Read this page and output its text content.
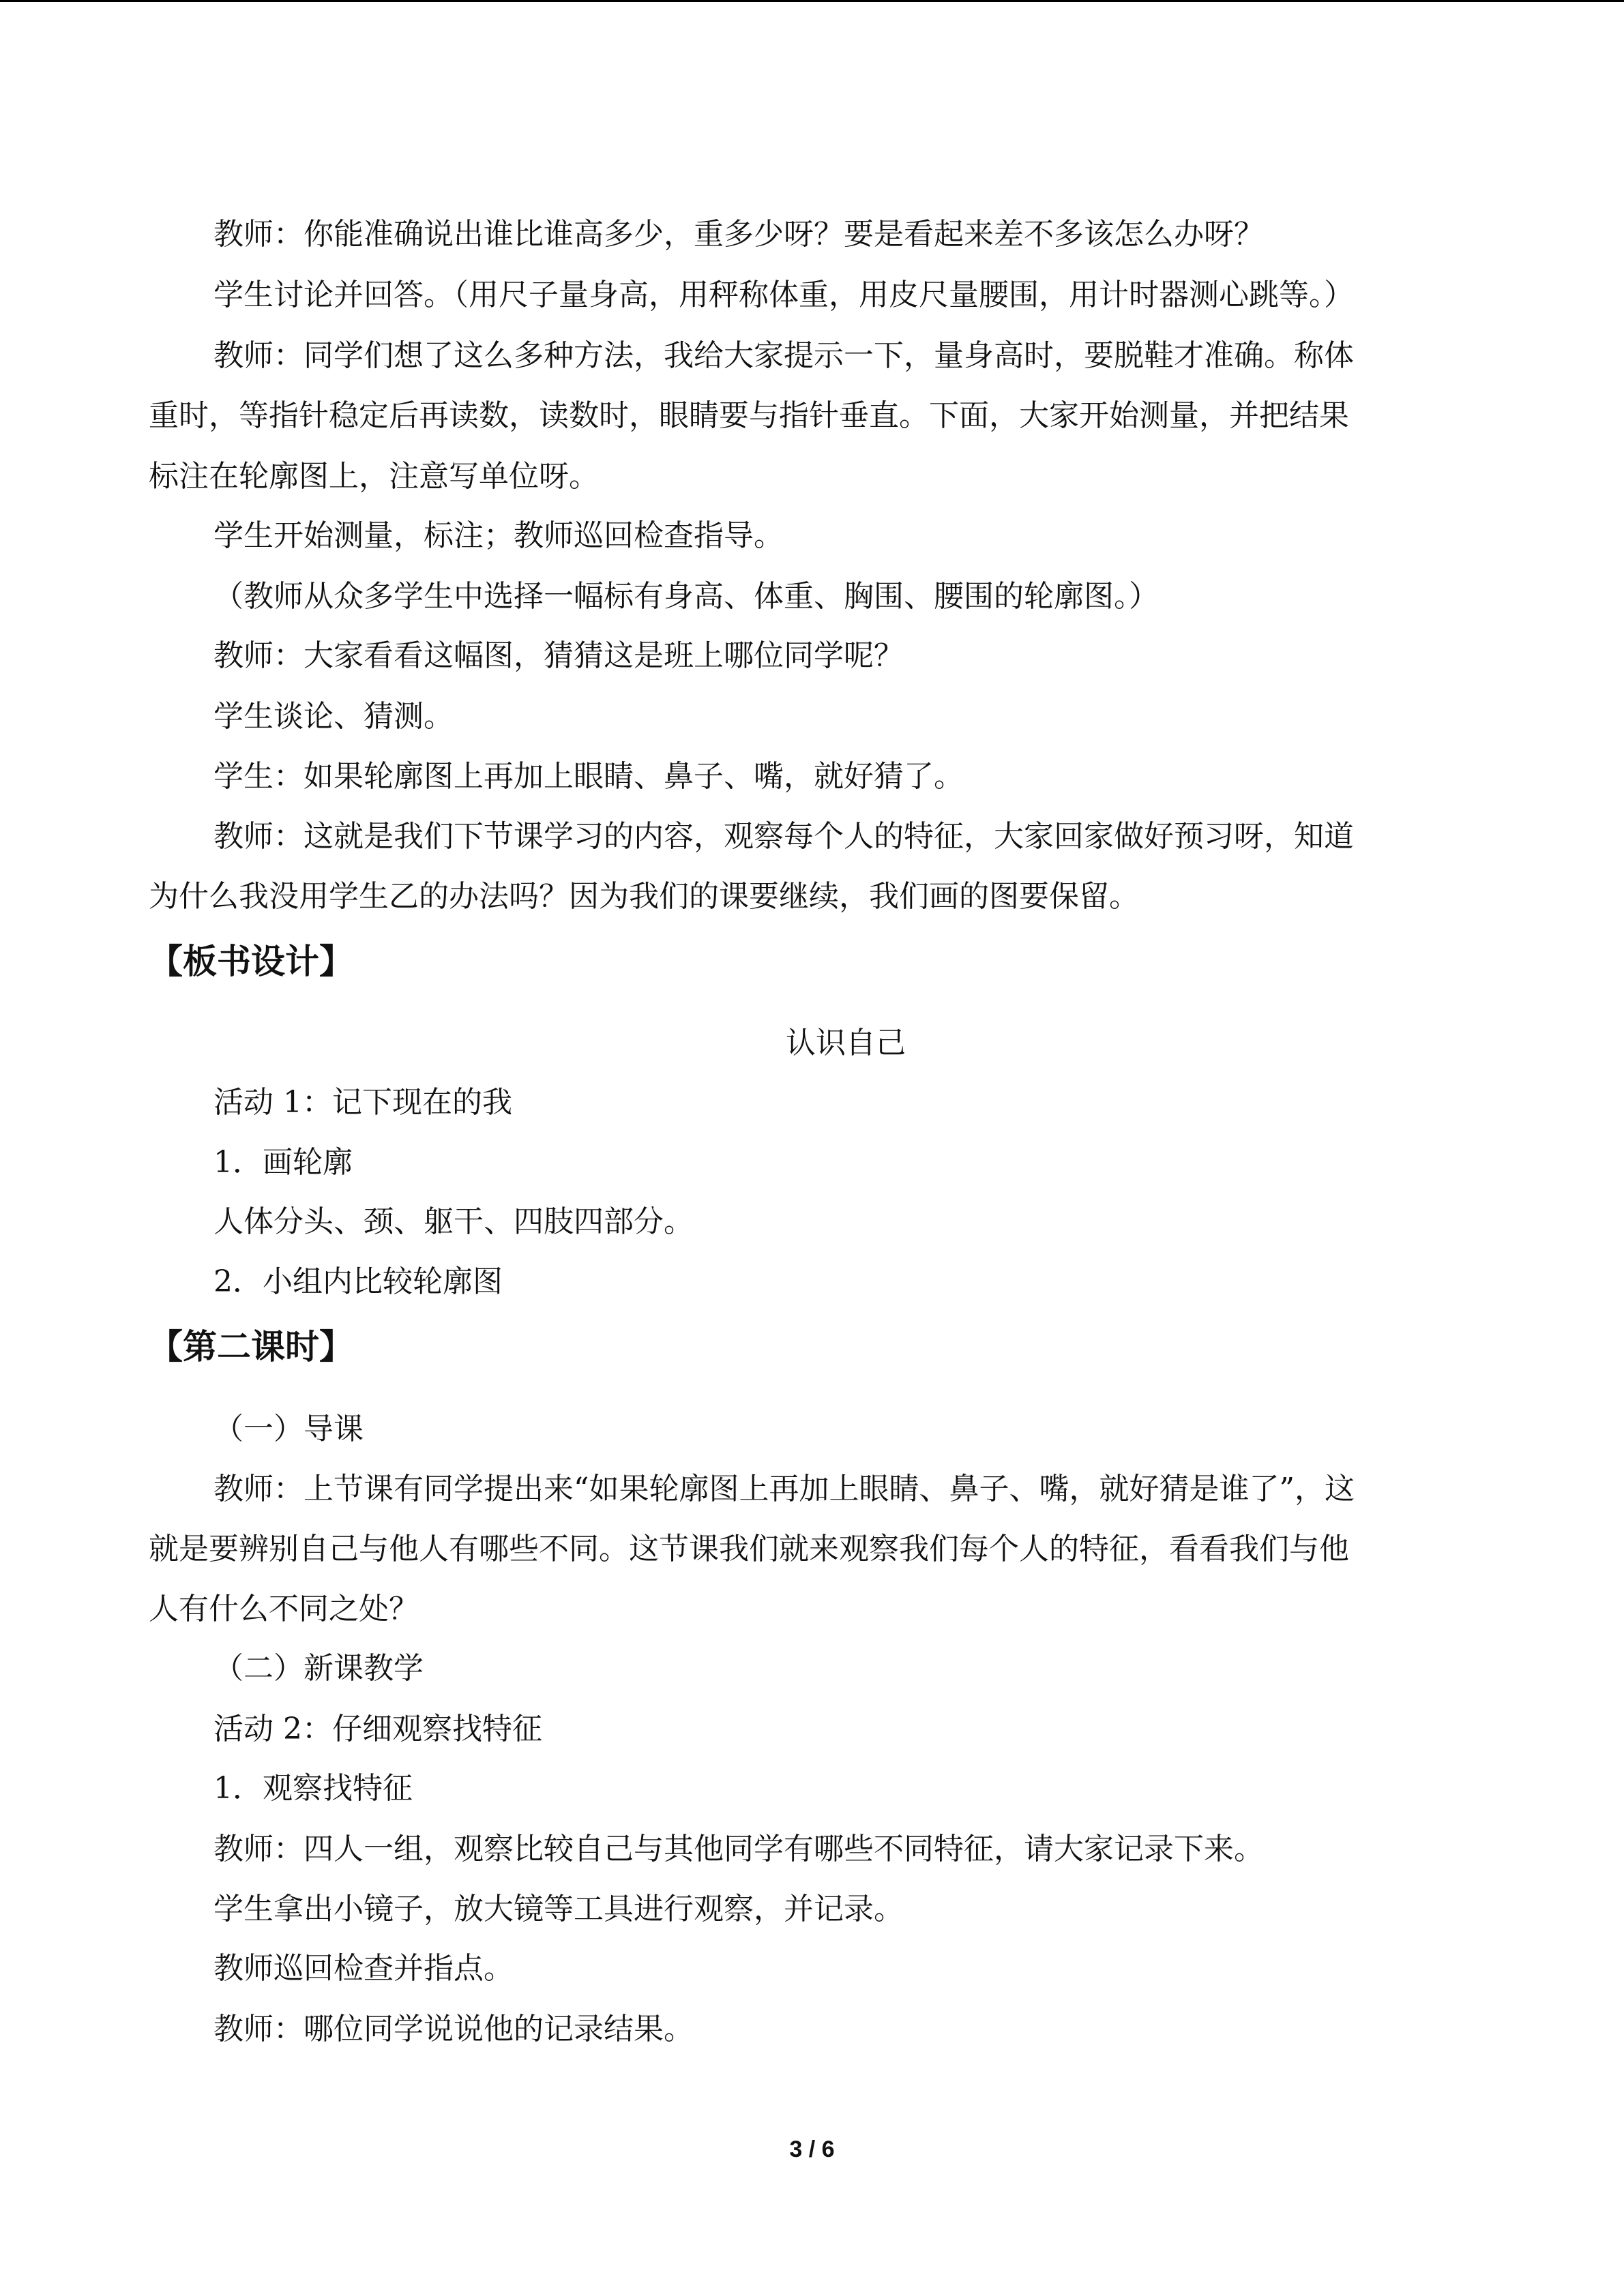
教师：你能准确说出谁比谁高多少，重多少呀？要是看起来差不多该怎么办呀？
学生讨论并回答。（用尺子量身高，用秤称体重，用皮尺量腰围，用计时器测心跳等。）
教师：同学们想了这么多种方法，我给大家提示一下，量身高时，要脱鞋才准确。称体
重时，等指针稳定后再读数，读数时，眼睛要与指针垂直。下面，大家开始测量，并把结果
标注在轮廓图上，注意写单位呀。
学生开始测量，标注；教师巡回检查指导。
（教师从众多学生中选择一幅标有身高、体重、胸围、腰围的轮廓图。）
教师：大家看看这幅图，猜猜这是班上哪位同学呢？
学生谈论、猜测。
学生：如果轮廓图上再加上眼睛、鼻子、嘴，就好猜了。
教师：这就是我们下节课学习的内容，观察每个人的特征，大家回家做好预习呀，知道
为什么我没用学生乙的办法吗？因为我们的课要继续，我们画的图要保留。
【板书设计】
认识自己
活动 1：记下现在的我
1．画轮廓
人体分头、颈、躯干、四肢四部分。
2．小组内比较轮廓图
【第二课时】
（一）导课
教师：上节课有同学提出来“如果轮廓图上再加上眼睛、鼻子、嘴，就好猜是谁了”，这
就是要辨别自己与他人有哪些不同。这节课我们就来观察我们每个人的特征，看看我们与他
人有什么不同之处？
（二）新课教学
活动 2：仔细观察找特征
1．观察找特征
教师：四人一组，观察比较自己与其他同学有哪些不同特征，请大家记录下来。
学生拿出小镜子，放大镜等工具进行观察，并记录。
教师巡回检查并指点。
教师：哪位同学说说他的记录结果。
3 / 6
